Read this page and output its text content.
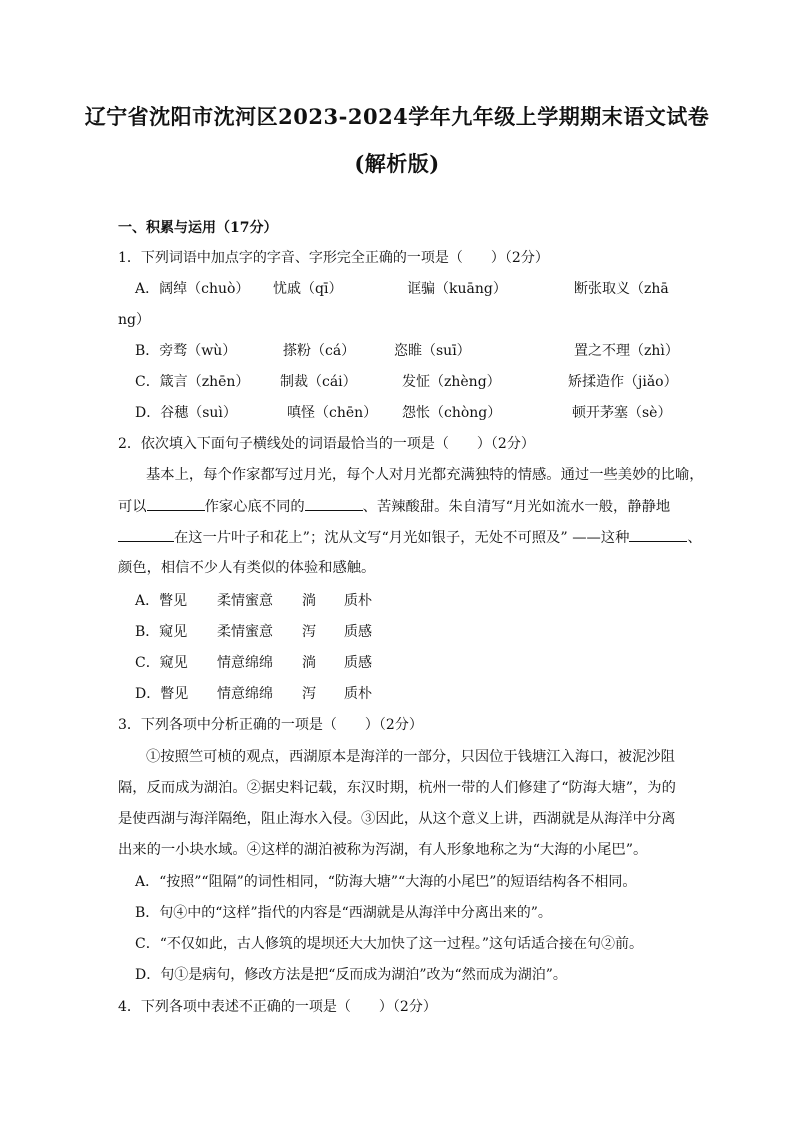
辽宁省沈阳市沈河区2023-2024学年九年级上学期期末语文试卷
(解析版)
一、积累与运用（17分）
1．下列词语中加点字的字音、字形完全正确的一项是（　　）（2分）
A．阔绰（chuò） 忧戚（qī）	诓骗（kuāng）	断张取义（zhā
ng）
B．旁骛（wù）	搽粉（cá）	恣睢（suī）	置之不理（zhì）
C．箴言（zhēn） 制裁（cái）	发怔（zhèng）	矫揉造作（jiǎo）
D．谷穗（suì）	嗔怪（chēn） 怨怅（chòng）	顿开茅塞（sè）
2．依次填入下面句子横线处的词语最恰当的一项是（　　）（2分）
基本上，每个作家都写过月光，每个人对月光都充满独特的情感。通过一些美妙的比喻，
可以	作家心底不同的	、苦辣酸甜。朱自清写“月光如流水一般，静静地
在这一片叶子和花上”；沈从文写“月光如银子，无处不可照及” ——这种	、
颜色，相信不少人有类似的体验和感触。
A．瞥见 柔情蜜意 淌 质朴
B．窥见 柔情蜜意 泻 质感
C．窥见 情意绵绵 淌 质感
D．瞥见 情意绵绵 泻 质朴
3．下列各项中分析正确的一项是（　　）（2分）
①按照竺可桢的观点，西湖原本是海洋的一部分，只因位于钱塘江入海口，被泥沙阻
隔，反而成为湖泊。②据史料记载，东汉时期，杭州一带的人们修建了“防海大塘”，为的
是使西湖与海洋隔绝，阻止海水入侵。③因此，从这个意义上讲，西湖就是从海洋中分离
出来的一小块水域。④这样的湖泊被称为泻湖，有人形象地称之为“大海的小尾巴”。
A．“按照”“阻隔”的词性相同，“防海大塘”“大海的小尾巴”的短语结构各不相同。
B．句④中的“这样”指代的内容是“西湖就是从海洋中分离出来的”。
C．“不仅如此，古人修筑的堤坝还大大加快了这一过程。”这句话适合接在句②前。
D．句①是病句，修改方法是把“反而成为湖泊”改为“然而成为湖泊”。
4．下列各项中表述不正确的一项是（　　）（2分）
